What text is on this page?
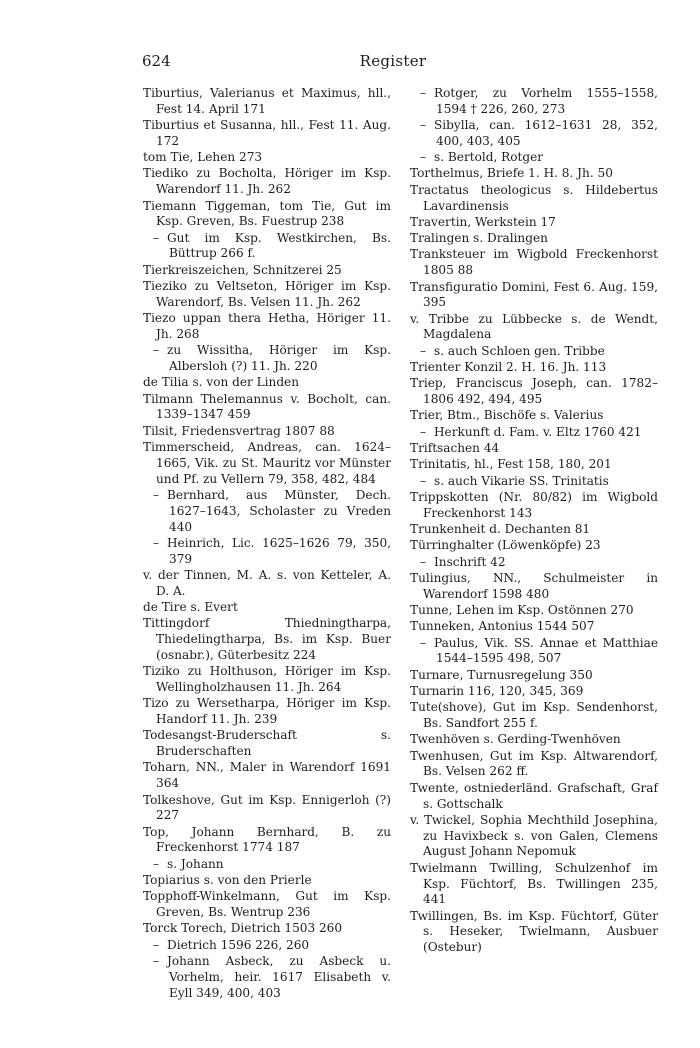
624	Register
Tiburtius, Valerianus et Maximus, hll., Fest 14. April 171
Tiburtius et Susanna, hll., Fest 11. Aug. 172
tom Tie, Lehen 273
Tiediko zu Bocholta, Höriger im Ksp. Warendorf 11. Jh. 262
Tiemann Tiggeman, tom Tie, Gut im Ksp. Greven, Bs. Fuestrup 238
– Gut im Ksp. Westkirchen, Bs. Büttrup 266 f.
Tierkreiszeichen, Schnitzerei 25
Tieziko zu Veltseton, Höriger im Ksp. Warendorf, Bs. Velsen 11. Jh. 262
Tiezo uppan thera Hetha, Höriger 11. Jh. 268
– zu Wissitha, Höriger im Ksp. Albersloh (?) 11. Jh. 220
de Tilia s. von der Linden
Tilmann Thelemannus v. Bocholt, can. 1339–1347 459
Tilsit, Friedensvertrag 1807 88
Timmerscheid, Andreas, can. 1624–1665, Vik. zu St. Mauritz vor Münster und Pf. zu Vellern 79, 358, 482, 484
– Bernhard, aus Münster, Dech. 1627–1643, Scholaster zu Vreden 440
– Heinrich, Lic. 1625–1626 79, 350, 379
v. der Tinnen, M. A. s. von Ketteler, A. D. A.
de Tire s. Evert
Tittingdorf Thiedningtharpa, Thiedelingtharpa, Bs. im Ksp. Buer (osnabr.), Güterbesitz 224
Tiziko zu Holthuson, Höriger im Ksp. Wellingholzhausen 11. Jh. 264
Tizo zu Wersetharpa, Höriger im Ksp. Handorf 11. Jh. 239
Todesangst-Bruderschaft s. Bruderschaften
Toharn, NN., Maler in Warendorf 1691 364
Tolkeshove, Gut im Ksp. Ennigerloh (?) 227
Top, Johann Bernhard, B. zu Freckenhorst 1774 187
– s. Johann
Topiarius s. von den Prierle
Topphoff-Winkelmann, Gut im Ksp. Greven, Bs. Wentrup 236
Torck Torech, Dietrich 1503 260
– Dietrich 1596 226, 260
– Johann Asbeck, zu Asbeck u. Vorhelm, heir. 1617 Elisabeth v. Eyll 349, 400, 403
– Rotger, zu Vorhelm 1555–1558, 1594 † 226, 260, 273
– Sibylla, can. 1612–1631 28, 352, 400, 403, 405
– s. Bertold, Rotger
Torthelmus, Briefe 1. H. 8. Jh. 50
Tractatus theologicus s. Hildebertus Lavardinensis
Travertin, Werkstein 17
Tralingen s. Dralingen
Tranksteuer im Wigbold Freckenhorst 1805 88
Transfiguratio Domini, Fest 6. Aug. 159, 395
v. Tribbe zu Lübbecke s. de Wendt, Magdalena
– s. auch Schloen gen. Tribbe
Trienter Konzil 2. H. 16. Jh. 113
Triep, Franciscus Joseph, can. 1782–1806 492, 494, 495
Trier, Btm., Bischöfe s. Valerius
– Herkunft d. Fam. v. Eltz 1760 421
Triftsachen 44
Trinitatis, hl., Fest 158, 180, 201
– s. auch Vikarie SS. Trinitatis
Trippskotten (Nr. 80/82) im Wigbold Freckenhorst 143
Trunkenheit d. Dechanten 81
Türringhalter (Löwenköpfe) 23
– Inschrift 42
Tulingius, NN., Schulmeister in Warendorf 1598 480
Tunne, Lehen im Ksp. Ostönnen 270
Tunneken, Antonius 1544 507
– Paulus, Vik. SS. Annae et Matthiae 1544–1595 498, 507
Turnare, Turnusregelung 350
Turnarin 116, 120, 345, 369
Tute(shove), Gut im Ksp. Sendenhorst, Bs. Sandfort 255 f.
Twenhöven s. Gerding-Twenhöven
Twenhusen, Gut im Ksp. Altwarendorf, Bs. Velsen 262 ff.
Twente, ostniederländ. Grafschaft, Graf s. Gottschalk
v. Twickel, Sophia Mechthild Josephina, zu Havixbeck s. von Galen, Clemens August Johann Nepomuk
Twielmann Twilling, Schulzenhof im Ksp. Füchtorf, Bs. Twillingen 235, 441
Twillingen, Bs. im Ksp. Füchtorf, Güter s. Heseker, Twielmann, Ausbuer (Ostebur)
